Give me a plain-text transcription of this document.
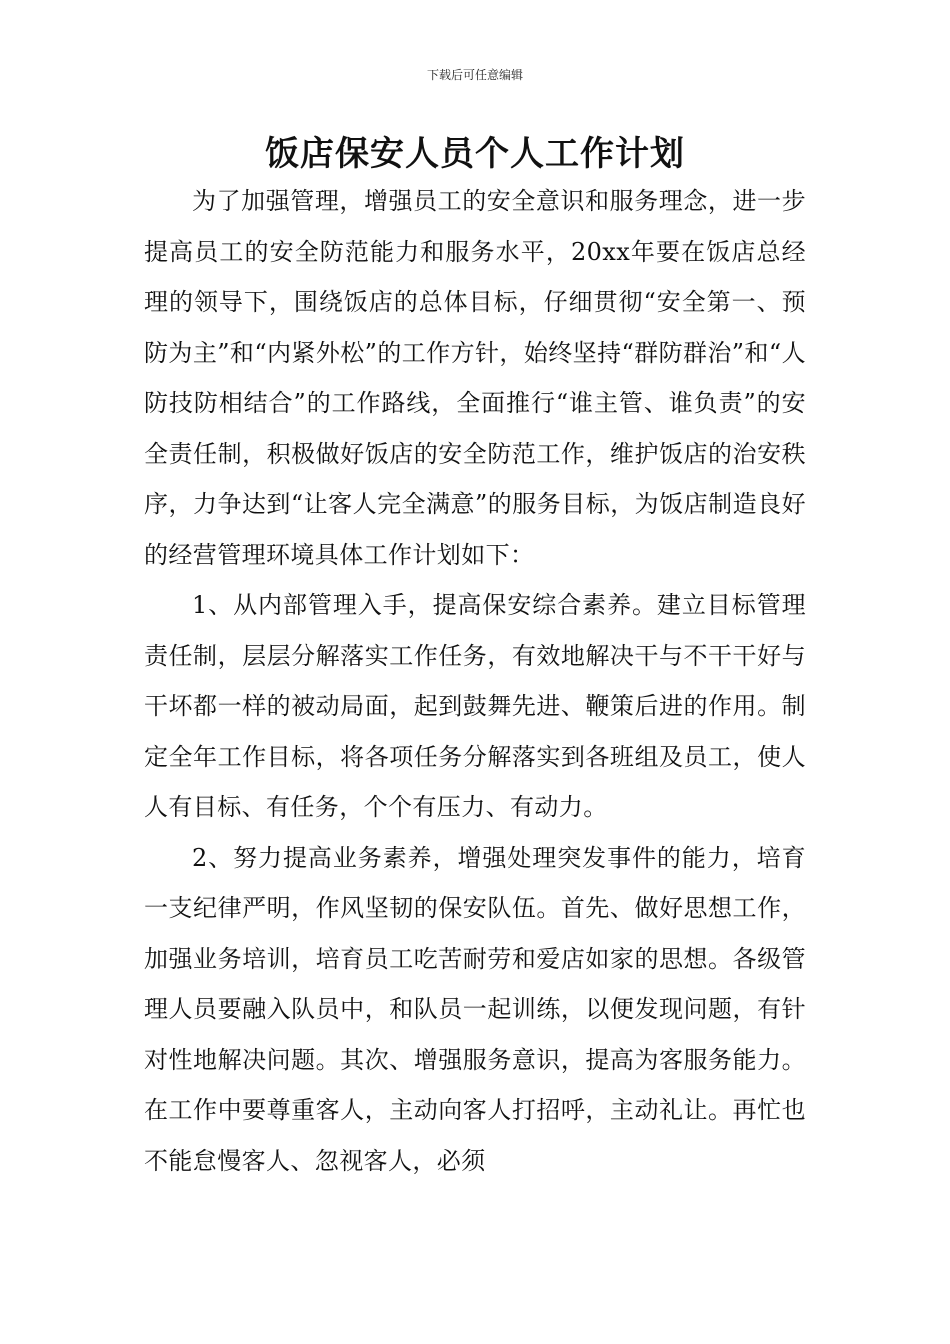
下载后可任意编辑
饭店保安人员个人工作计划

为了加强管理，增强员工的安全意识和服务理念，进一步提高员工的安全防范能力和服务水平，20xx年要在饭店总经理的领导下，围绕饭店的总体目标，仔细贯彻“安全第一、预防为主”和“内紧外松”的工作方针，始终坚持“群防群治”和“人防技防相结合”的工作路线，全面推行“谁主管、谁负责”的安全责任制，积极做好饭店的安全防范工作，维护饭店的治安秩序，力争达到“让客人完全满意”的服务目标，为饭店制造良好的经营管理环境具体工作计划如下：

1、从内部管理入手，提高保安综合素养。建立目标管理责任制，层层分解落实工作任务，有效地解决干与不干干好与干坏都一样的被动局面，起到鼓舞先进、鞭策后进的作用。制定全年工作目标，将各项任务分解落实到各班组及员工，使人人有目标、有任务，个个有压力、有动力。

2、努力提高业务素养，增强处理突发事件的能力，培育一支纪律严明，作风坚韧的保安队伍。首先、做好思想工作，加强业务培训，培育员工吃苦耐劳和爱店如家的思想。各级管理人员要融入队员中，和队员一起训练，以便发现问题，有针对性地解决问题。其次、增强服务意识，提高为客服务能力。在工作中要尊重客人，主动向客人打招呼，主动礼让。再忙也不能怠慢客人、忽视客人，必须
